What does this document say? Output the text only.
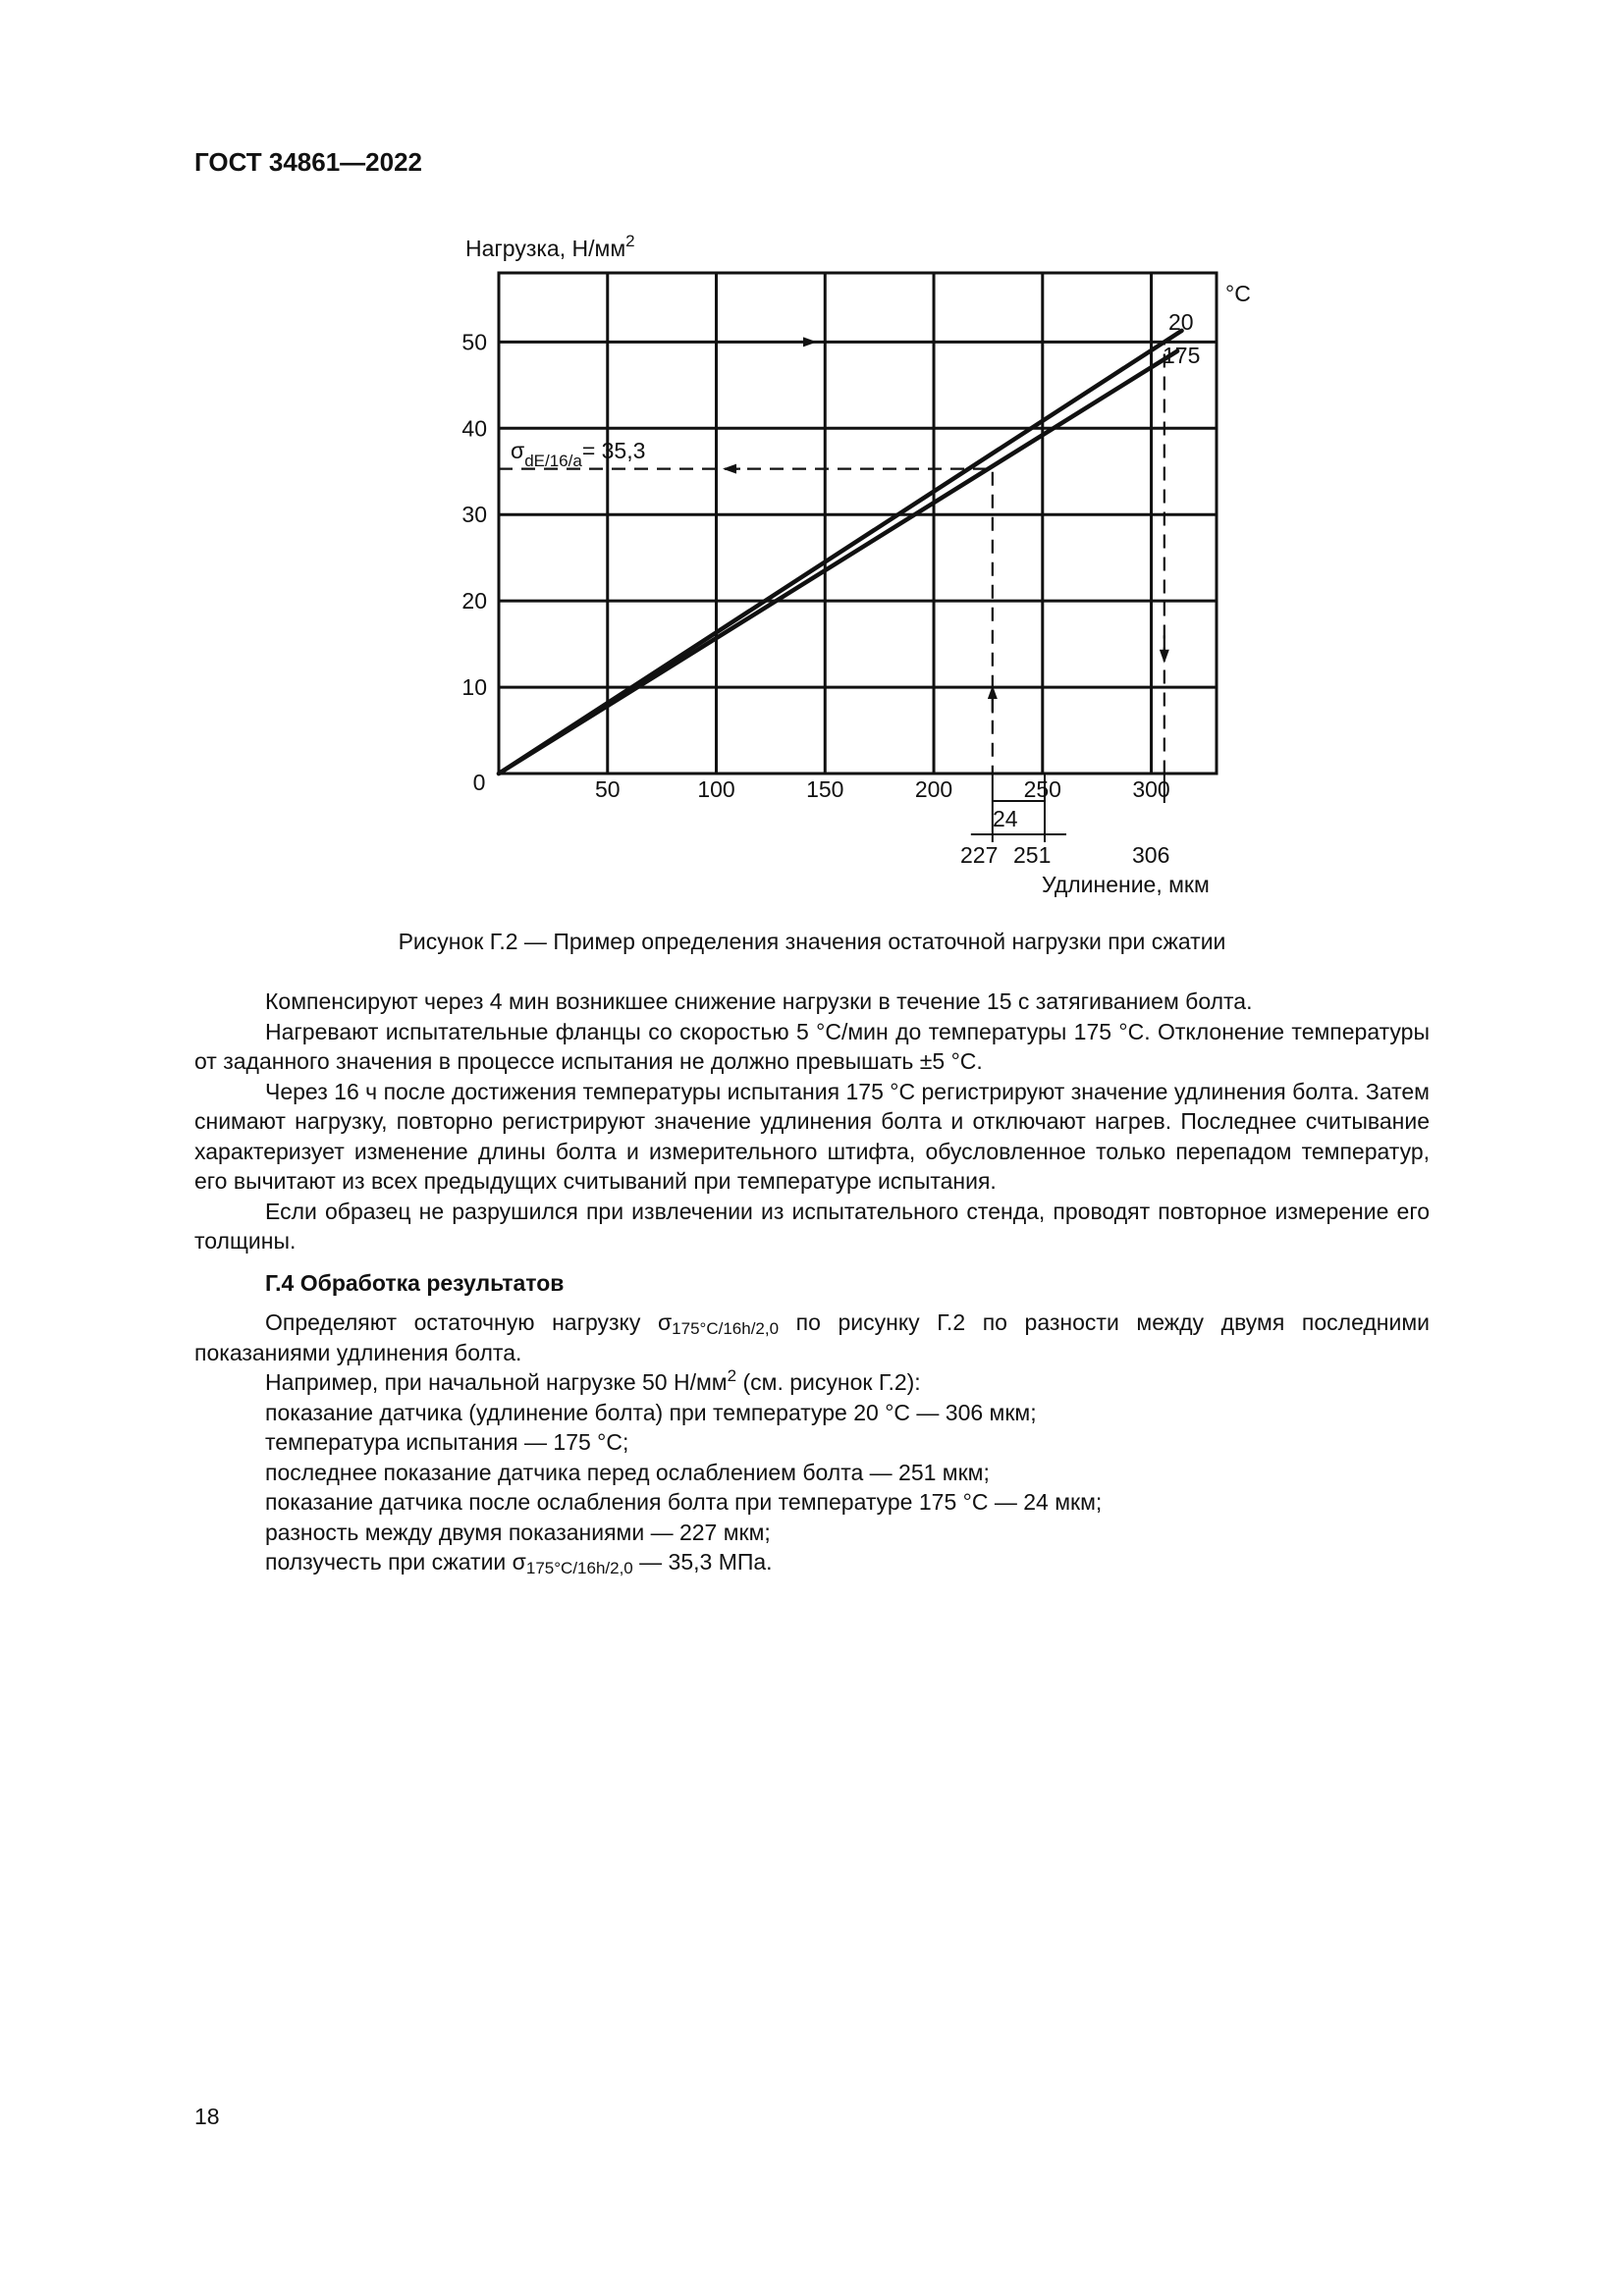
ГОСТ 34861—2022
10
20
30
40
50
0	50	100	150	200	250	300
Нагрузка, $Н/мм^2$
°C
20
175
$\sigma_{dE/16/a}= 35,3$
24
227 251	306
Удлинение, мкм
Рисунок Г.2 — Пример определения значения остаточной нагрузки при сжатии

Компенсируют через 4 мин возникшее снижение нагрузки в течение 15 с затягиванием болта.

Нагревают испытательные фланцы со скоростью 5 °C/мин до температуры 175 °C. Отклонение температуры от заданного значения в процессе испытания не должно превышать ±5 °C.

Через 16 ч после достижения температуры испытания 175 °C регистрируют значение удлинения болта. Затем снимают нагрузку, повторно регистрируют значение удлинения болта и отключают нагрев. Последнее считывание характеризует изменение длины болта и измерительного штифта, обусловленное только перепадом температур, его вычитают из всех предыдущих считываний при температуре испытания.

Если образец не разрушился при извлечении из испытательного стенда, проводят повторное измерение его толщины.

Г.4 Обработка результатов

Определяют остаточную нагрузку $\sigma_{175^\circ C/16h/2,0}$ по рисунку Г.2 по разности между двумя последними показаниями удлинения болта.

Например, при начальной нагрузке 50 $Н/мм^2$ (см. рисунок Г.2):

показание датчика (удлинение болта) при температуре 20 °C — 306 мкм;

температура испытания — 175 °C;

последнее показание датчика перед ослаблением болта — 251 мкм;

показание датчика после ослабления болта при температуре 175 °C — 24 мкм;

разность между двумя показаниями — 227 мкм;

ползучесть при сжатии $\sigma_{175^\circ C/16h/2,0}$ — 35,3 МПа.

18
